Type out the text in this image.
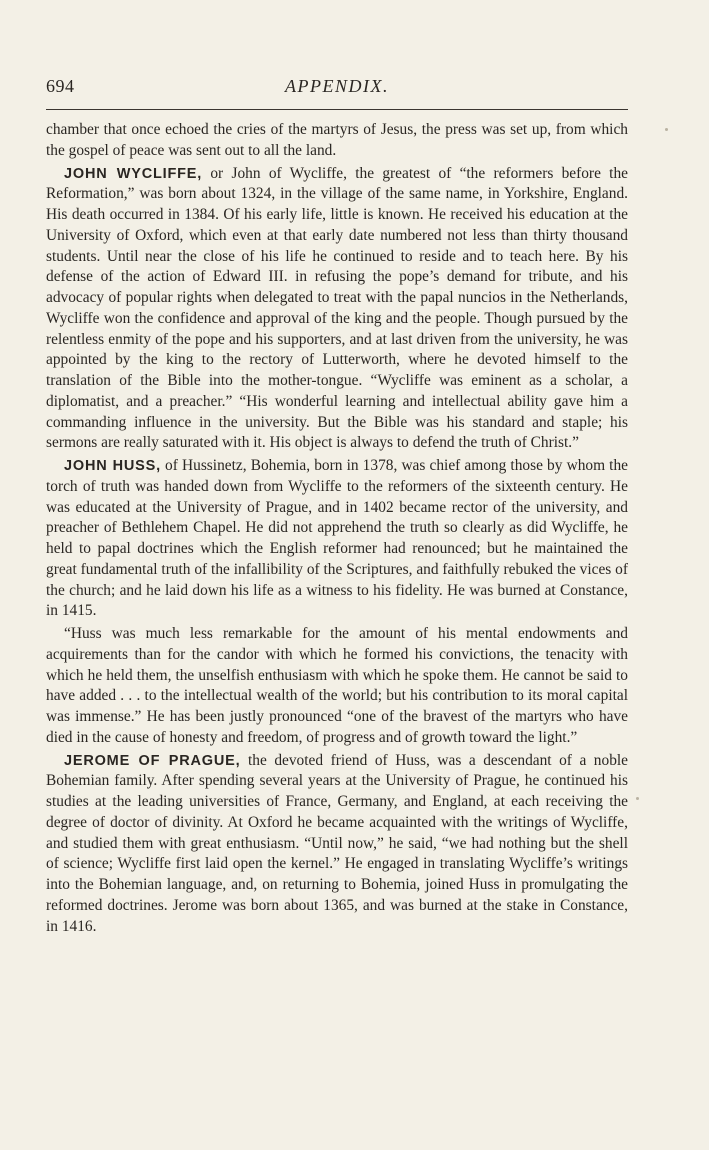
694	APPENDIX.

chamber that once echoed the cries of the martyrs of Jesus, the press was set up, from which the gospel of peace was sent out to all the land.

JOHN WYCLIFFE, or John of Wycliffe, the greatest of “the reformers before the Reformation,” was born about 1324, in the village of the same name, in Yorkshire, England. His death occurred in 1384. Of his early life, little is known. He received his education at the University of Oxford, which even at that early date numbered not less than thirty thousand students. Until near the close of his life he continued to reside and to teach here. By his defense of the action of Edward III. in refusing the pope’s demand for tribute, and his advocacy of popular rights when delegated to treat with the papal nuncios in the Netherlands, Wycliffe won the confidence and approval of the king and the people. Though pursued by the relentless enmity of the pope and his supporters, and at last driven from the university, he was appointed by the king to the rectory of Lutterworth, where he devoted himself to the translation of the Bible into the mother-tongue. “Wycliffe was eminent as a scholar, a diplomatist, and a preacher.” “His wonderful learning and intellectual ability gave him a commanding influence in the university. But the Bible was his standard and staple; his sermons are really saturated with it. His object is always to defend the truth of Christ.”

JOHN HUSS, of Hussinetz, Bohemia, born in 1378, was chief among those by whom the torch of truth was handed down from Wycliffe to the reformers of the sixteenth century. He was educated at the University of Prague, and in 1402 became rector of the university, and preacher of Bethlehem Chapel. He did not apprehend the truth so clearly as did Wycliffe, he held to papal doctrines which the English reformer had renounced; but he maintained the great fundamental truth of the infallibility of the Scriptures, and faithfully rebuked the vices of the church; and he laid down his life as a witness to his fidelity. He was burned at Constance, in 1415.

“Huss was much less remarkable for the amount of his mental endowments and acquirements than for the candor with which he formed his convictions, the tenacity with which he held them, the unselfish enthusiasm with which he spoke them. He cannot be said to have added . . . to the intellectual wealth of the world; but his contribution to its moral capital was immense.” He has been justly pronounced “one of the bravest of the martyrs who have died in the cause of honesty and freedom, of progress and of growth toward the light.”

JEROME OF PRAGUE, the devoted friend of Huss, was a descendant of a noble Bohemian family. After spending several years at the University of Prague, he continued his studies at the leading universities of France, Germany, and England, at each receiving the degree of doctor of divinity. At Oxford he became acquainted with the writings of Wycliffe, and studied them with great enthusiasm. “Until now,” he said, “we had nothing but the shell of science; Wycliffe first laid open the kernel.” He engaged in translating Wycliffe’s writings into the Bohemian language, and, on returning to Bohemia, joined Huss in promulgating the reformed doctrines. Jerome was born about 1365, and was burned at the stake in Constance, in 1416.
